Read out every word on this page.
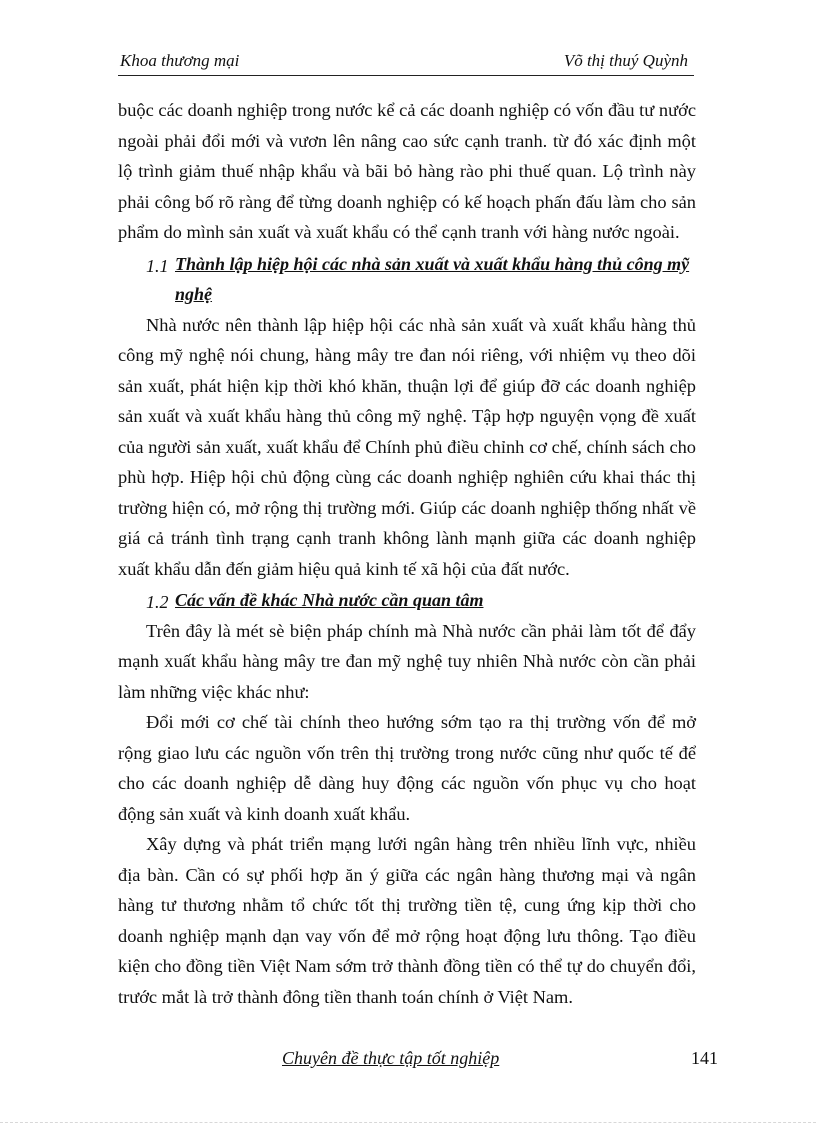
Khoa thương mại	Võ thị thuý Quỳnh

buộc các doanh nghiệp trong nước kể cả các doanh nghiệp có vốn đầu tư nước ngoài phải đổi mới và vươn lên nâng cao sức cạnh tranh. từ đó xác định một lộ trình giảm thuế nhập khẩu và bãi bỏ hàng rào phi thuế quan. Lộ trình này phải công bố rõ ràng để từng doanh nghiệp có kế hoạch phấn đấu làm cho sản phẩm do mình sản xuất và xuất khẩu có thể cạnh tranh với hàng nước ngoài.

1.1 Thành lập hiệp hội các nhà sản xuất và xuất khẩu hàng thủ công mỹ nghệ

Nhà nước nên thành lập hiệp hội các nhà sản xuất và xuất khẩu hàng thủ công mỹ nghệ nói chung, hàng mây tre đan nói riêng, với nhiệm vụ theo dõi sản xuất, phát hiện kịp thời khó khăn, thuận lợi để giúp đỡ các doanh nghiệp sản xuất và xuất khẩu hàng thủ công mỹ nghệ. Tập hợp nguyện vọng đề xuất của người sản xuất, xuất khẩu để Chính phủ điều chỉnh cơ chế, chính sách cho phù hợp. Hiệp hội chủ động cùng các doanh nghiệp nghiên cứu khai thác thị trường hiện có, mở rộng thị trường mới. Giúp các doanh nghiệp thống nhất về giá cả tránh tình trạng cạnh tranh không lành mạnh giữa các doanh nghiệp xuất khẩu dẫn đến giảm hiệu quả kinh tế xã hội của đất nước.

1.2 Các vấn đề khác Nhà nước cần quan tâm

Trên đây là mét sè biện pháp chính mà Nhà nước cần phải làm tốt để đẩy mạnh xuất khẩu hàng mây tre đan mỹ nghệ tuy nhiên Nhà nước còn cần phải làm những việc khác như:

Đổi mới cơ chế tài chính theo hướng sớm tạo ra thị trường vốn để mở rộng giao lưu các nguồn vốn trên thị trường trong nước cũng như quốc tế để cho các doanh nghiệp dễ dàng huy động các nguồn vốn phục vụ cho hoạt động sản xuất và kinh doanh xuất khẩu.

Xây dựng và phát triển mạng lưới ngân hàng trên nhiều lĩnh vực, nhiều địa bàn. Cần có sự phối hợp ăn ý giữa các ngân hàng thương mại và ngân hàng tư thương nhằm tổ chức tốt thị trường tiền tệ, cung ứng kịp thời cho doanh nghiệp mạnh dạn vay vốn để mở rộng hoạt động lưu thông. Tạo điều kiện cho đồng tiền Việt Nam sớm trở thành đồng tiền có thể tự do chuyển đổi, trước mắt là trở thành đông tiền thanh toán chính ở Việt Nam.

Chuyên đề thực tập tốt nghiệp	141
